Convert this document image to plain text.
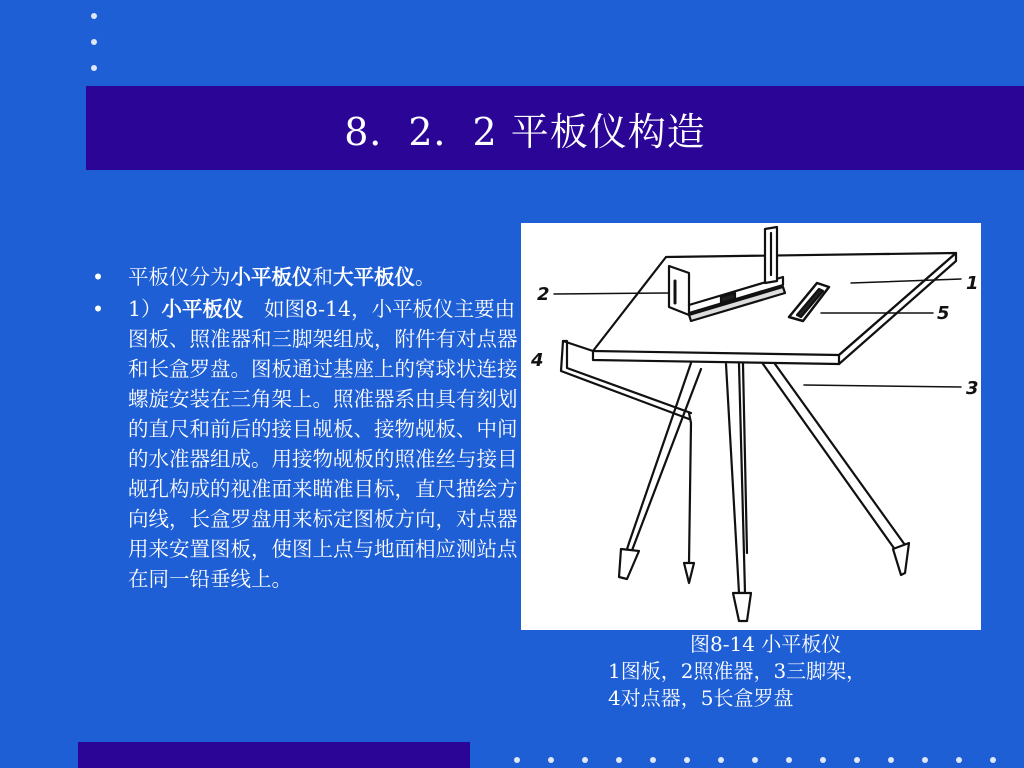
8．2．2 平板仪构造
• 平板仪分为小平板仪和大平板仪。
• 1）小平板仪　如图8-14，小平板仪主要由图板、照准器和三脚架组成，附件有对点器和长盒罗盘。图板通过基座上的窝球状连接螺旋安装在三角架上。照准器系由具有刻划的直尺和前后的接目觇板、接物觇板、中间的水准器组成。用接物觇板的照准丝与接目觇孔构成的视准面来瞄准目标，直尺描绘方向线，长盒罗盘用来标定图板方向，对点器用来安置图板，使图上点与地面相应测站点在同一铅垂线上。
1
2
3
4
5
图8-14 小平板仪
1图板，2照准器，3三脚架，
4对点器，5长盒罗盘
